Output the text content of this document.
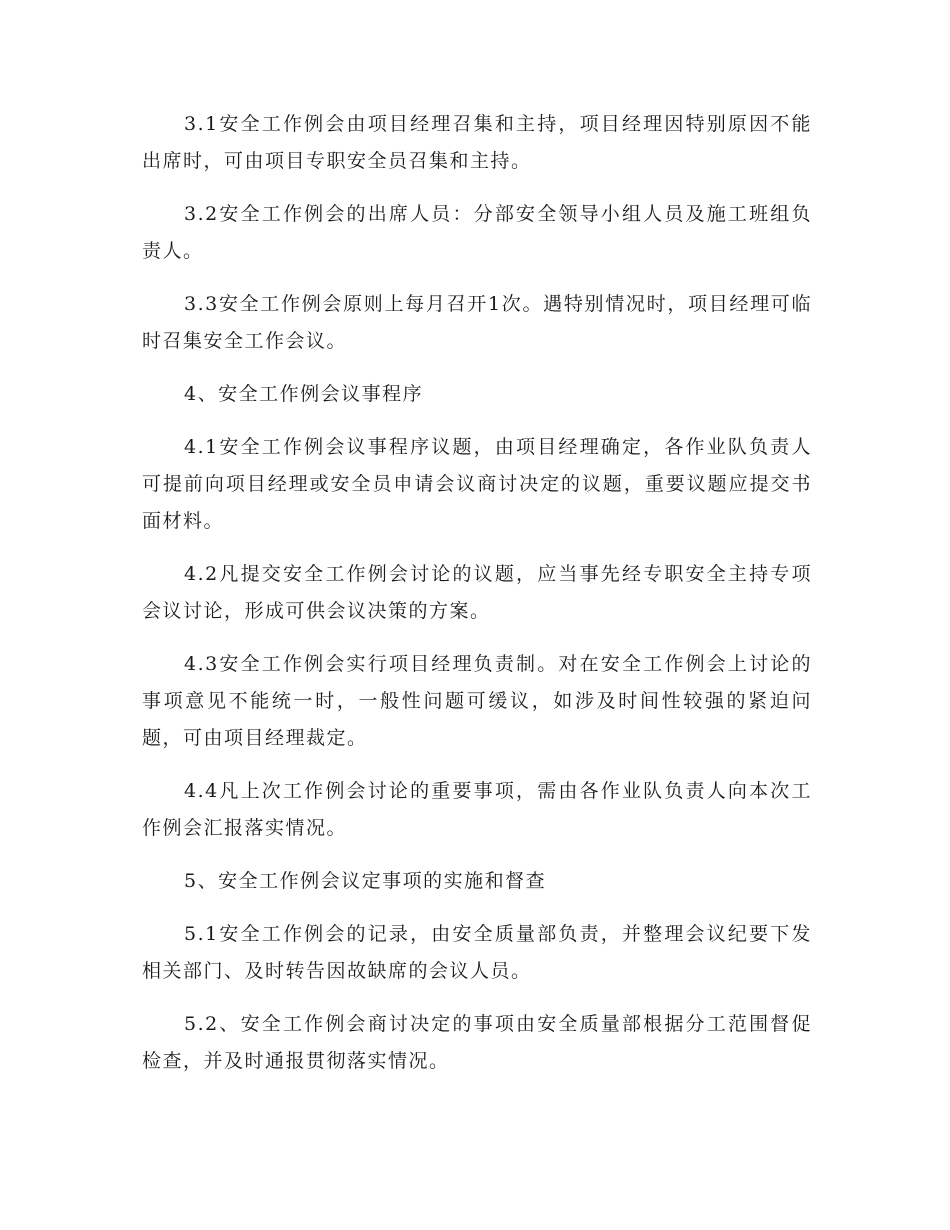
3.1安全工作例会由项目经理召集和主持，项目经理因特别原因不能出席时，可由项目专职安全员召集和主持。

3.2安全工作例会的出席人员：分部安全领导小组人员及施工班组负责人。

3.3安全工作例会原则上每月召开1次。遇特别情况时，项目经理可临时召集安全工作会议。

4、安全工作例会议事程序

4.1安全工作例会议事程序议题，由项目经理确定，各作业队负责人可提前向项目经理或安全员申请会议商讨决定的议题，重要议题应提交书面材料。

4.2凡提交安全工作例会讨论的议题，应当事先经专职安全主持专项会议讨论，形成可供会议决策的方案。

4.3安全工作例会实行项目经理负责制。对在安全工作例会上讨论的事项意见不能统一时，一般性问题可缓议，如涉及时间性较强的紧迫问题，可由项目经理裁定。

4.4凡上次工作例会讨论的重要事项，需由各作业队负责人向本次工作例会汇报落实情况。

5、安全工作例会议定事项的实施和督查

5.1安全工作例会的记录，由安全质量部负责，并整理会议纪要下发相关部门、及时转告因故缺席的会议人员。

5.2、安全工作例会商讨决定的事项由安全质量部根据分工范围督促检查，并及时通报贯彻落实情况。
